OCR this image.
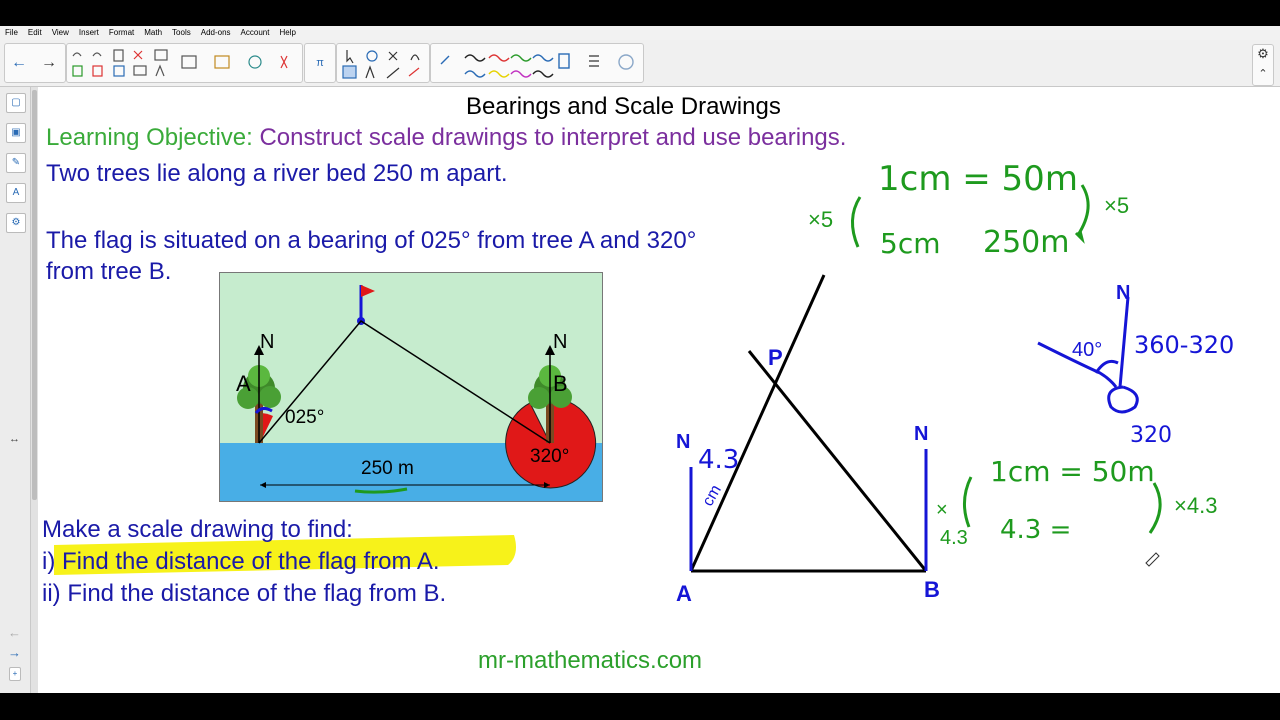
File Edit View Insert Format Math Tools Add-ons Account Help
← →	π
⚙
⌃
▢
▣
✎
A
⚙
↔
←
→
+
Bearings and Scale Drawings
Learning Objective: Construct scale drawings to interpret and use bearings.
Two trees lie along a river bed 250 m apart.
The flag is situated on a bearing of 025° from tree A and 320°
from tree B.
N	N
A	B
025°
320°
250 m
Make a scale drawing to find:
i) Find the distance of the flag from A.
ii) Find the distance of the flag from B.
mr-mathematics.com
1cm = 50m
5cm 250m
×5
×5
N
40° 360-320
320
P
N	N
4.3
cm
A	B
1cm = 50m
4.3 =
×
4.3
×4.3
